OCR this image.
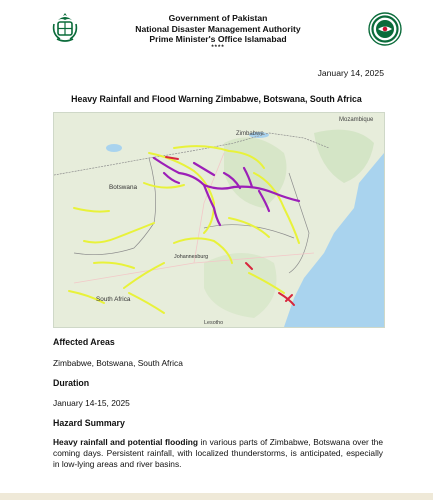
Government of Pakistan
National Disaster Management Authority
Prime Minister's Office Islamabad
****
January 14, 2025
Heavy Rainfall and Flood Warning Zimbabwe, Botswana, South Africa
Zimbabwe
Mozambique
Botswana
Johannesburg
South Africa
Lesotho
Affected Areas
Zimbabwe, Botswana, South Africa
Duration
January 14-15, 2025
Hazard Summary
Heavy rainfall and potential flooding in various parts of Zimbabwe, Botswana over the coming days. Persistent rainfall, with localized thunderstorms, is anticipated, especially in low-lying areas and river basins.
